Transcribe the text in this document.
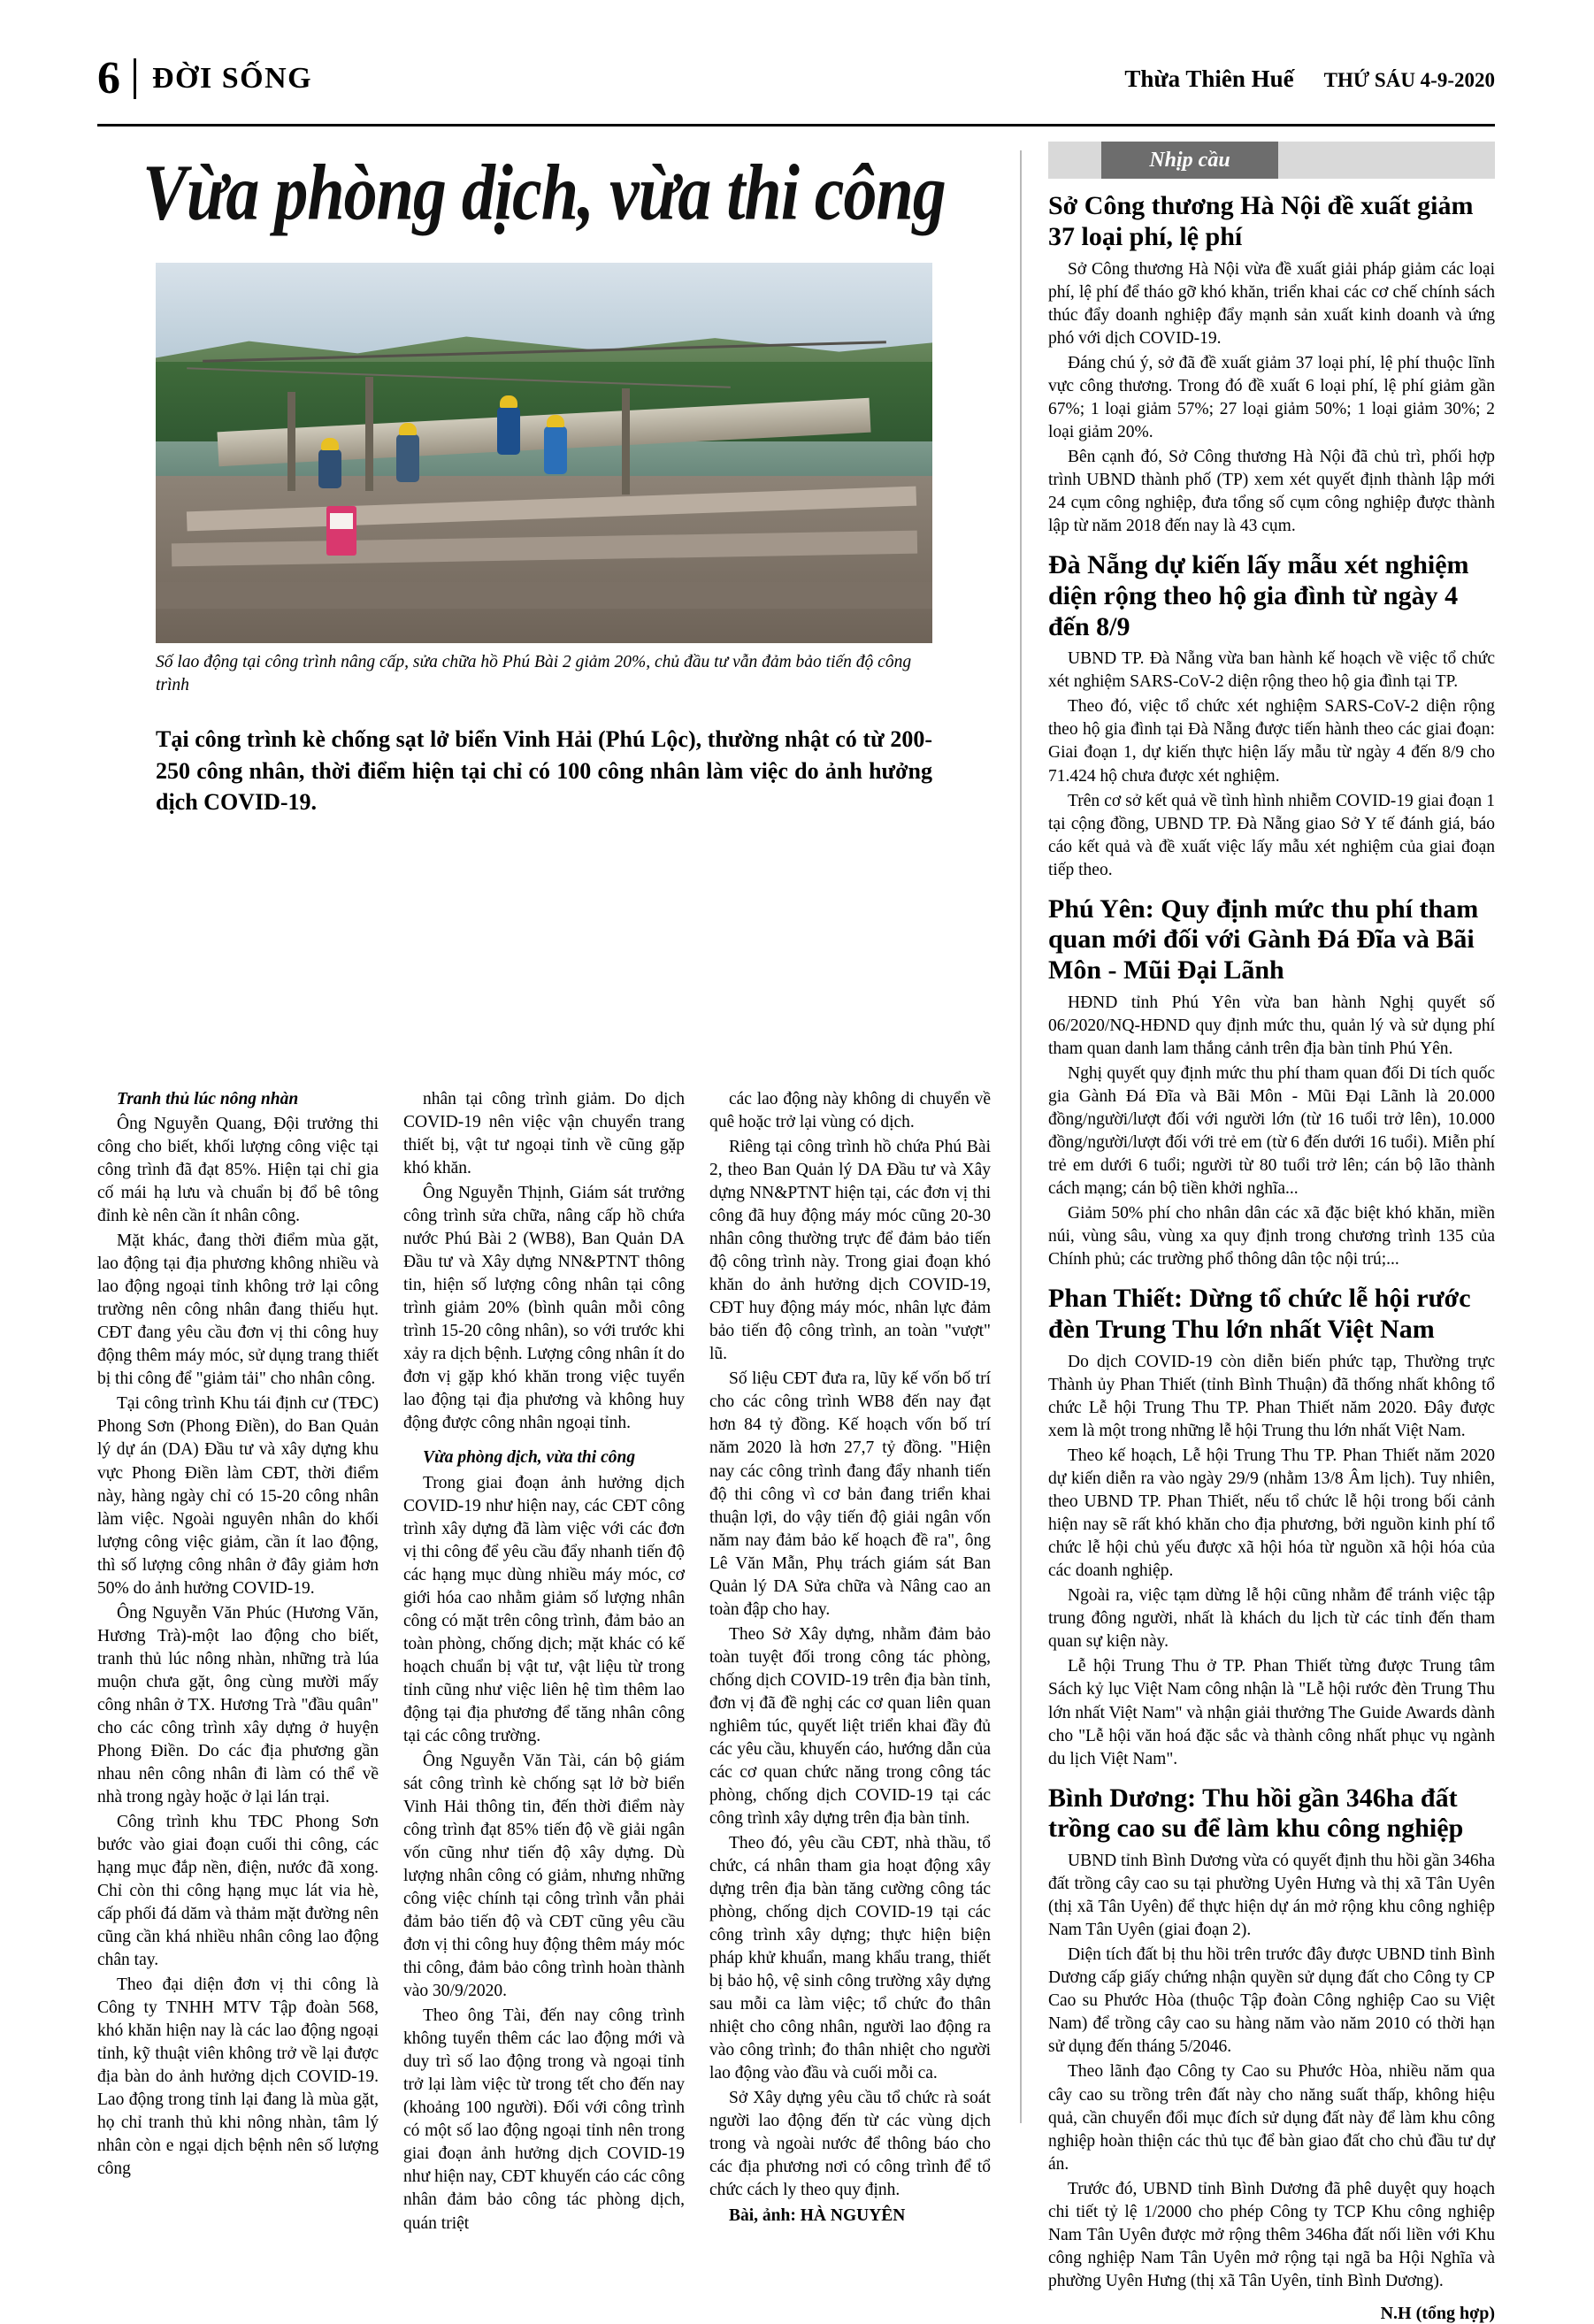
6 ĐỜI SỐNG	Thừa Thiên Huế THỨ SÁU 4-9-2020
Vừa phòng dịch, vừa thi công
Số lao động tại công trình nâng cấp, sửa chữa hồ Phú Bài 2 giảm 20%, chủ đầu tư vẫn đảm bảo tiến độ công trình
Tại công trình kè chống sạt lở biển Vinh Hải (Phú Lộc), thường nhật có từ 200-250 công nhân, thời điểm hiện tại chỉ có 100 công nhân làm việc do ảnh hưởng dịch COVID-19.

Tranh thủ lúc nông nhàn

Ông Nguyễn Quang, Đội trưởng thi công cho biết, khối lượng công việc tại công trình đã đạt 85%. Hiện tại chỉ gia cố mái hạ lưu và chuẩn bị đổ bê tông đỉnh kè nên cần ít nhân công.

Mặt khác, đang thời điểm mùa gặt, lao động tại địa phương không nhiều và lao động ngoại tỉnh không trở lại công trường nên công nhân đang thiếu hụt. CĐT đang yêu cầu đơn vị thi công huy động thêm máy móc, sử dụng trang thiết bị thi công để "giảm tải" cho nhân công.

Tại công trình Khu tái định cư (TĐC) Phong Sơn (Phong Điền), do Ban Quản lý dự án (DA) Đầu tư và xây dựng khu vực Phong Điền làm CĐT, thời điểm này, hàng ngày chỉ có 15-20 công nhân làm việc. Ngoài nguyên nhân do khối lượng công việc giảm, cần ít lao động, thì số lượng công nhân ở đây giảm hơn 50% do ảnh hưởng COVID-19.

Ông Nguyễn Văn Phúc (Hương Văn, Hương Trà)-một lao động cho biết, tranh thủ lúc nông nhàn, những trà lúa muộn chưa gặt, ông cùng mười mấy công nhân ở TX. Hương Trà "đầu quân" cho các công trình xây dựng ở huyện Phong Điền. Do các địa phương gần nhau nên công nhân đi làm có thể về nhà trong ngày hoặc ở lại lán trại.

Công trình khu TĐC Phong Sơn bước vào giai đoạn cuối thi công, các hạng mục đắp nền, điện, nước đã xong. Chỉ còn thi công hạng mục lát via hè, cấp phối đá dăm và thảm mặt đường nên cũng cần khá nhiều nhân công lao động chân tay.

Theo đại diện đơn vị thi công là Công ty TNHH MTV Tập đoàn 568, khó khăn hiện nay là các lao động ngoại tỉnh, kỹ thuật viên không trở về lại được địa bàn do ảnh hưởng dịch COVID-19. Lao động trong tỉnh lại đang là mùa gặt, họ chỉ tranh thủ khi nông nhàn, tâm lý nhân còn e ngại dịch bệnh nên số lượng công

nhân tại công trình giảm. Do dịch COVID-19 nên việc vận chuyển trang thiết bị, vật tư ngoại tỉnh về cũng gặp khó khăn.

Ông Nguyễn Thịnh, Giám sát trưởng công trình sửa chữa, nâng cấp hồ chứa nước Phú Bài 2 (WB8), Ban Quản DA Đầu tư và Xây dựng NN&PTNT thông tin, hiện số lượng công nhân tại công trình giảm 20% (bình quân mỗi công trình 15-20 công nhân), so với trước khi xảy ra dịch bệnh. Lượng công nhân ít do đơn vị gặp khó khăn trong việc tuyển lao động tại địa phương và không huy động được công nhân ngoại tỉnh.

Vừa phòng dịch, vừa thi công

Trong giai đoạn ảnh hưởng dịch COVID-19 như hiện nay, các CĐT công trình xây dựng đã làm việc với các đơn vị thi công để yêu cầu đẩy nhanh tiến độ các hạng mục dùng nhiều máy móc, cơ giới hóa cao nhằm giảm số lượng nhân công có mặt trên công trình, đảm bảo an toàn phòng, chống dịch; mặt khác có kế hoạch chuẩn bị vật tư, vật liệu từ trong tỉnh cũng như việc liên hệ tìm thêm lao động tại địa phương để tăng nhân công tại các công trường.

Ông Nguyễn Văn Tài, cán bộ giám sát công trình kè chống sạt lở bờ biển Vinh Hải thông tin, đến thời điểm này công trình đạt 85% tiến độ về giải ngân vốn cũng như tiến độ xây dựng. Dù lượng nhân công có giảm, nhưng những công việc chính tại công trình vẫn phải đảm bảo tiến độ và CĐT cũng yêu cầu đơn vị thi công huy động thêm máy móc thi công, đảm bảo công trình hoàn thành vào 30/9/2020.

Theo ông Tài, đến nay công trình không tuyển thêm các lao động mới và duy trì số lao động trong và ngoại tỉnh trở lại làm việc từ trong tết cho đến nay (khoảng 100 người). Đối với công trình có một số lao động ngoại tỉnh nên trong giai đoạn ảnh hưởng dịch COVID-19 như hiện nay, CĐT khuyến cáo các công nhân đảm bảo công tác phòng dịch, quán triệt

các lao động này không di chuyển về quê hoặc trở lại vùng có dịch.

Riêng tại công trình hồ chứa Phú Bài 2, theo Ban Quản lý DA Đầu tư và Xây dựng NN&PTNT hiện tại, các đơn vị thi công đã huy động máy móc cũng 20-30 nhân công thường trực để đảm bảo tiến độ công trình này. Trong giai đoạn khó khăn do ảnh hưởng dịch COVID-19, CĐT huy động máy móc, nhân lực đảm bảo tiến độ công trình, an toàn "vượt" lũ.

Số liệu CĐT đưa ra, lũy kế vốn bố trí cho các công trình WB8 đến nay đạt hơn 84 tỷ đồng. Kế hoạch vốn bố trí năm 2020 là hơn 27,7 tỷ đồng. "Hiện nay các công trình đang đẩy nhanh tiến độ thi công vì cơ bản đang triển khai thuận lợi, do vậy tiến độ giải ngân vốn năm nay đảm bảo kế hoạch đề ra", ông Lê Văn Mẫn, Phụ trách giám sát Ban Quản lý DA Sửa chữa và Nâng cao an toàn đập cho hay.

Theo Sở Xây dựng, nhằm đảm bảo toàn tuyệt đối trong công tác phòng, chống dịch COVID-19 trên địa bàn tỉnh, đơn vị đã đề nghị các cơ quan liên quan nghiêm túc, quyết liệt triển khai đầy đủ các yêu cầu, khuyến cáo, hướng dẫn của các cơ quan chức năng trong công tác phòng, chống dịch COVID-19 tại các công trình xây dựng trên địa bàn tỉnh.

Theo đó, yêu cầu CĐT, nhà thầu, tổ chức, cá nhân tham gia hoạt động xây dựng trên địa bàn tăng cường công tác phòng, chống dịch COVID-19 tại các công trình xây dựng; thực hiện biện pháp khử khuẩn, mang khẩu trang, thiết bị bảo hộ, vệ sinh công trường xây dựng sau mỗi ca làm việc; tổ chức đo thân nhiệt cho công nhân, người lao động ra vào công trình; đo thân nhiệt cho người lao động vào đầu và cuối mỗi ca.

Sở Xây dựng yêu cầu tổ chức rà soát người lao động đến từ các vùng dịch trong và ngoài nước để thông báo cho các địa phương nơi có công trình để tổ chức cách ly theo quy định.

Bài, ảnh: HÀ NGUYÊN

Nhịp cầu
Sở Công thương Hà Nội đề xuất giảm 37 loại phí, lệ phí

Sở Công thương Hà Nội vừa đề xuất giải pháp giảm các loại phí, lệ phí để tháo gỡ khó khăn, triển khai các cơ chế chính sách thúc đẩy doanh nghiệp đẩy mạnh sản xuất kinh doanh và ứng phó với dịch COVID-19.

Đáng chú ý, sở đã đề xuất giảm 37 loại phí, lệ phí thuộc lĩnh vực công thương. Trong đó đề xuất 6 loại phí, lệ phí giảm gần 67%; 1 loại giảm 57%; 27 loại giảm 50%; 1 loại giảm 30%; 2 loại giảm 20%.

Bên cạnh đó, Sở Công thương Hà Nội đã chủ trì, phối hợp trình UBND thành phố (TP) xem xét quyết định thành lập mới 24 cụm công nghiệp, đưa tổng số cụm công nghiệp được thành lập từ năm 2018 đến nay là 43 cụm.

Đà Nẵng dự kiến lấy mẫu xét nghiệm diện rộng theo hộ gia đình từ ngày 4 đến 8/9

UBND TP. Đà Nẵng vừa ban hành kế hoạch về việc tổ chức xét nghiệm SARS-CoV-2 diện rộng theo hộ gia đình tại TP.

Theo đó, việc tổ chức xét nghiệm SARS-CoV-2 diện rộng theo hộ gia đình tại Đà Nẵng được tiến hành theo các giai đoạn: Giai đoạn 1, dự kiến thực hiện lấy mẫu từ ngày 4 đến 8/9 cho 71.424 hộ chưa được xét nghiệm.

Trên cơ sở kết quả về tình hình nhiễm COVID-19 giai đoạn 1 tại cộng đồng, UBND TP. Đà Nẵng giao Sở Y tế đánh giá, báo cáo kết quả và đề xuất việc lấy mẫu xét nghiệm của giai đoạn tiếp theo.

Phú Yên: Quy định mức thu phí tham quan mới đối với Gành Đá Đĩa và Bãi Môn - Mũi Đại Lãnh

HĐND tỉnh Phú Yên vừa ban hành Nghị quyết số 06/2020/NQ-HĐND quy định mức thu, quản lý và sử dụng phí tham quan danh lam thắng cảnh trên địa bàn tỉnh Phú Yên.

Nghị quyết quy định mức thu phí tham quan đối Di tích quốc gia Gành Đá Đĩa và Bãi Môn - Mũi Đại Lãnh là 20.000 đồng/người/lượt đối với người lớn (từ 16 tuổi trở lên), 10.000 đồng/người/lượt đối với trẻ em (từ 6 đến dưới 16 tuổi). Miễn phí trẻ em dưới 6 tuổi; người từ 80 tuổi trở lên; cán bộ lão thành cách mạng; cán bộ tiền khởi nghĩa...

Giảm 50% phí cho nhân dân các xã đặc biệt khó khăn, miền núi, vùng sâu, vùng xa quy định trong chương trình 135 của Chính phủ; các trường phổ thông dân tộc nội trú;...

Phan Thiết: Dừng tổ chức lễ hội rước đèn Trung Thu lớn nhất Việt Nam

Do dịch COVID-19 còn diễn biến phức tạp, Thường trực Thành ủy Phan Thiết (tỉnh Bình Thuận) đã thống nhất không tổ chức Lễ hội Trung Thu TP. Phan Thiết năm 2020. Đây được xem là một trong những lễ hội Trung thu lớn nhất Việt Nam.

Theo kế hoạch, Lễ hội Trung Thu TP. Phan Thiết năm 2020 dự kiến diễn ra vào ngày 29/9 (nhằm 13/8 Âm lịch). Tuy nhiên, theo UBND TP. Phan Thiết, nếu tổ chức lễ hội trong bối cảnh hiện nay sẽ rất khó khăn cho địa phương, bởi nguồn kinh phí tổ chức lễ hội chủ yếu được xã hội hóa từ nguồn xã hội hóa của các doanh nghiệp.

Ngoài ra, việc tạm dừng lễ hội cũng nhằm để tránh việc tập trung đông người, nhất là khách du lịch từ các tỉnh đến tham quan sự kiện này.

Lễ hội Trung Thu ở TP. Phan Thiết từng được Trung tâm Sách kỷ lục Việt Nam công nhận là "Lễ hội rước đèn Trung Thu lớn nhất Việt Nam" và nhận giải thưởng The Guide Awards dành cho "Lễ hội văn hoá đặc sắc và thành công nhất phục vụ ngành du lịch Việt Nam".

Bình Dương: Thu hồi gần 346ha đất trồng cao su để làm khu công nghiệp

UBND tỉnh Bình Dương vừa có quyết định thu hồi gần 346ha đất trồng cây cao su tại phường Uyên Hưng và thị xã Tân Uyên (thị xã Tân Uyên) để thực hiện dự án mở rộng khu công nghiệp Nam Tân Uyên (giai đoạn 2).

Diện tích đất bị thu hồi trên trước đây được UBND tỉnh Bình Dương cấp giấy chứng nhận quyền sử dụng đất cho Công ty CP Cao su Phước Hòa (thuộc Tập đoàn Công nghiệp Cao su Việt Nam) để trồng cây cao su hàng năm vào năm 2010 có thời hạn sử dụng đến tháng 5/2046.

Theo lãnh đạo Công ty Cao su Phước Hòa, nhiều năm qua cây cao su trồng trên đất này cho năng suất thấp, không hiệu quả, cần chuyển đổi mục đích sử dụng đất này để làm khu công nghiệp hoàn thiện các thủ tục để bàn giao đất cho chủ đầu tư dự án.

Trước đó, UBND tỉnh Bình Dương đã phê duyệt quy hoạch chi tiết tỷ lệ 1/2000 cho phép Công ty TCP Khu công nghiệp Nam Tân Uyên được mở rộng thêm 346ha đất nối liền với Khu công nghiệp Nam Tân Uyên mở rộng tại ngã ba Hội Nghĩa và phường Uyên Hưng (thị xã Tân Uyên, tỉnh Bình Dương).

N.H (tổng hợp)
